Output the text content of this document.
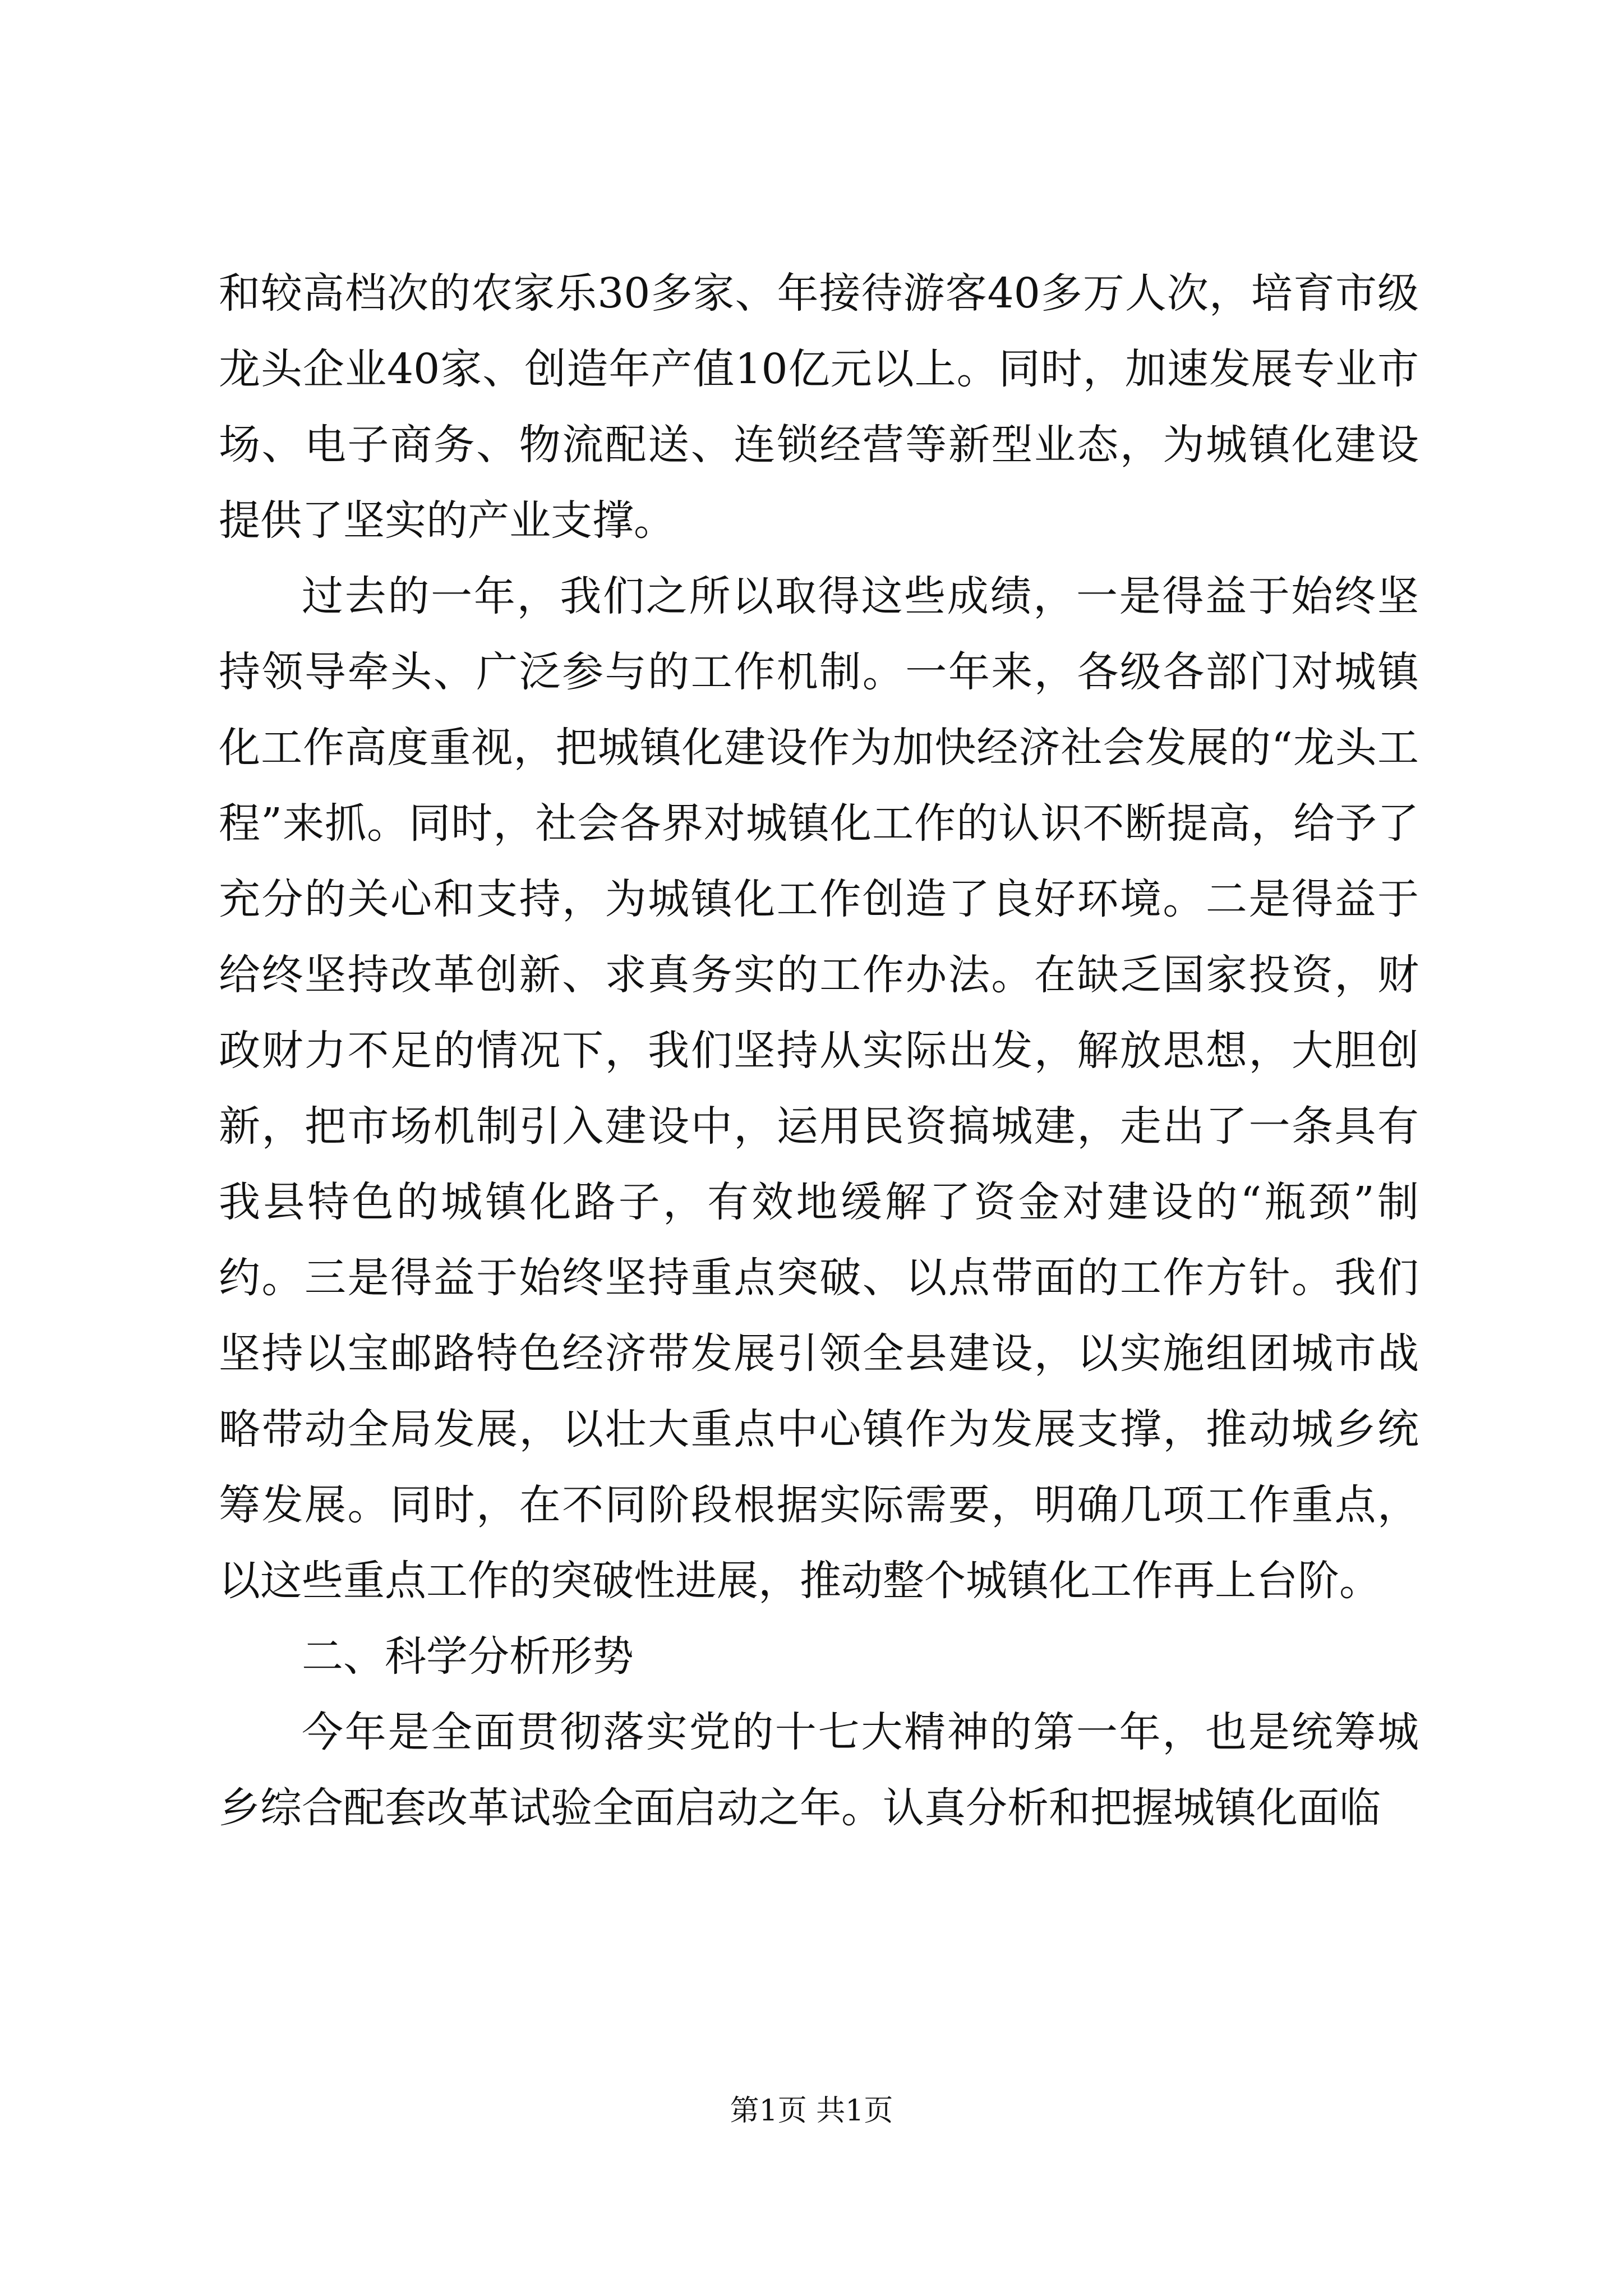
和较高档次的农家乐30多家、年接待游客40多万人次，培育市级龙头企业40家、创造年产值10亿元以上。同时，加速发展专业市场、电子商务、物流配送、连锁经营等新型业态，为城镇化建设提供了坚实的产业支撑。

过去的一年，我们之所以取得这些成绩，一是得益于始终坚持领导牵头、广泛参与的工作机制。一年来，各级各部门对城镇化工作高度重视，把城镇化建设作为加快经济社会发展的“龙头工程”来抓。同时，社会各界对城镇化工作的认识不断提高，给予了充分的关心和支持，为城镇化工作创造了良好环境。二是得益于给终坚持改革创新、求真务实的工作办法。在缺乏国家投资，财政财力不足的情况下，我们坚持从实际出发，解放思想，大胆创新，把市场机制引入建设中，运用民资搞城建，走出了一条具有我县特色的城镇化路子，有效地缓解了资金对建设的“瓶颈”制约。三是得益于始终坚持重点突破、以点带面的工作方针。我们坚持以宝邮路特色经济带发展引领全县建设，以实施组团城市战略带动全局发展，以壮大重点中心镇作为发展支撑，推动城乡统筹发展。同时，在不同阶段根据实际需要，明确几项工作重点，以这些重点工作的突破性进展，推动整个城镇化工作再上台阶。

二、科学分析形势

今年是全面贯彻落实党的十七大精神的第一年，也是统筹城乡综合配套改革试验全面启动之年。认真分析和把握城镇化面临

第1页 共1页
